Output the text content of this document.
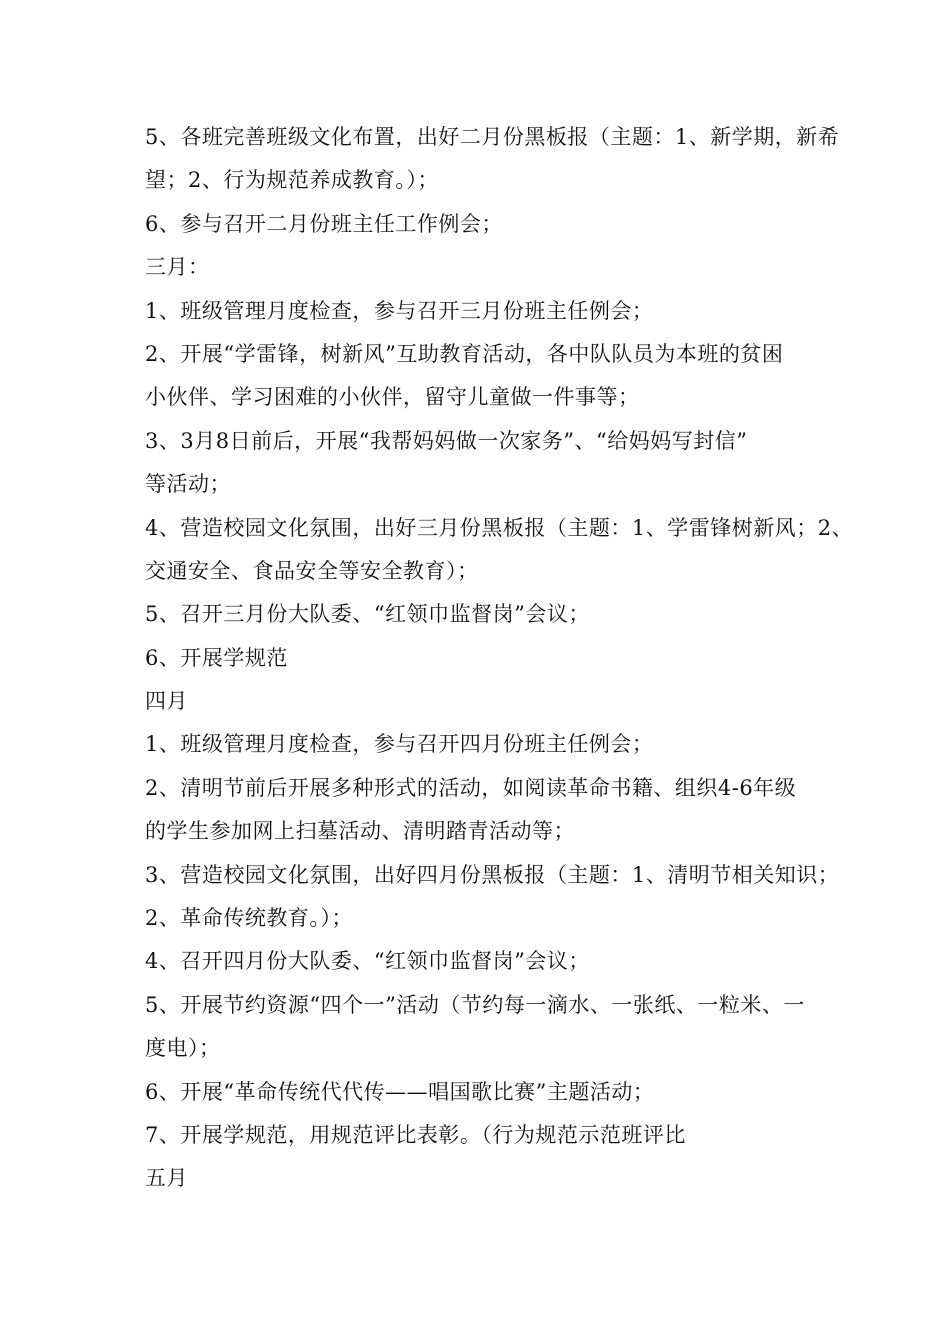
5、各班完善班级文化布置，出好二月份黑板报（主题：1、新学期，新希
望；2、行为规范养成教育。）；
6、参与召开二月份班主任工作例会；
三月：
1、班级管理月度检查，参与召开三月份班主任例会；
2、开展“学雷锋，树新风”互助教育活动，各中队队员为本班的贫困
小伙伴、学习困难的小伙伴，留守儿童做一件事等；
3、3月8日前后，开展“我帮妈妈做一次家务”、“给妈妈写封信”
等活动；
4、营造校园文化氛围，出好三月份黑板报（主题：1、学雷锋树新风；2、
交通安全、食品安全等安全教育）；
5、召开三月份大队委、“红领巾监督岗”会议；
6、开展学规范
四月
1、班级管理月度检查，参与召开四月份班主任例会；
2、清明节前后开展多种形式的活动，如阅读革命书籍、组织4-6年级
的学生参加网上扫墓活动、清明踏青活动等；
3、营造校园文化氛围，出好四月份黑板报（主题：1、清明节相关知识；
2、革命传统教育。）；
4、召开四月份大队委、“红领巾监督岗”会议；
5、开展节约资源“四个一”活动（节约每一滴水、一张纸、一粒米、一
度电）；
6、开展“革命传统代代传——唱国歌比赛”主题活动；
7、开展学规范，用规范评比表彰。（行为规范示范班评比
五月
